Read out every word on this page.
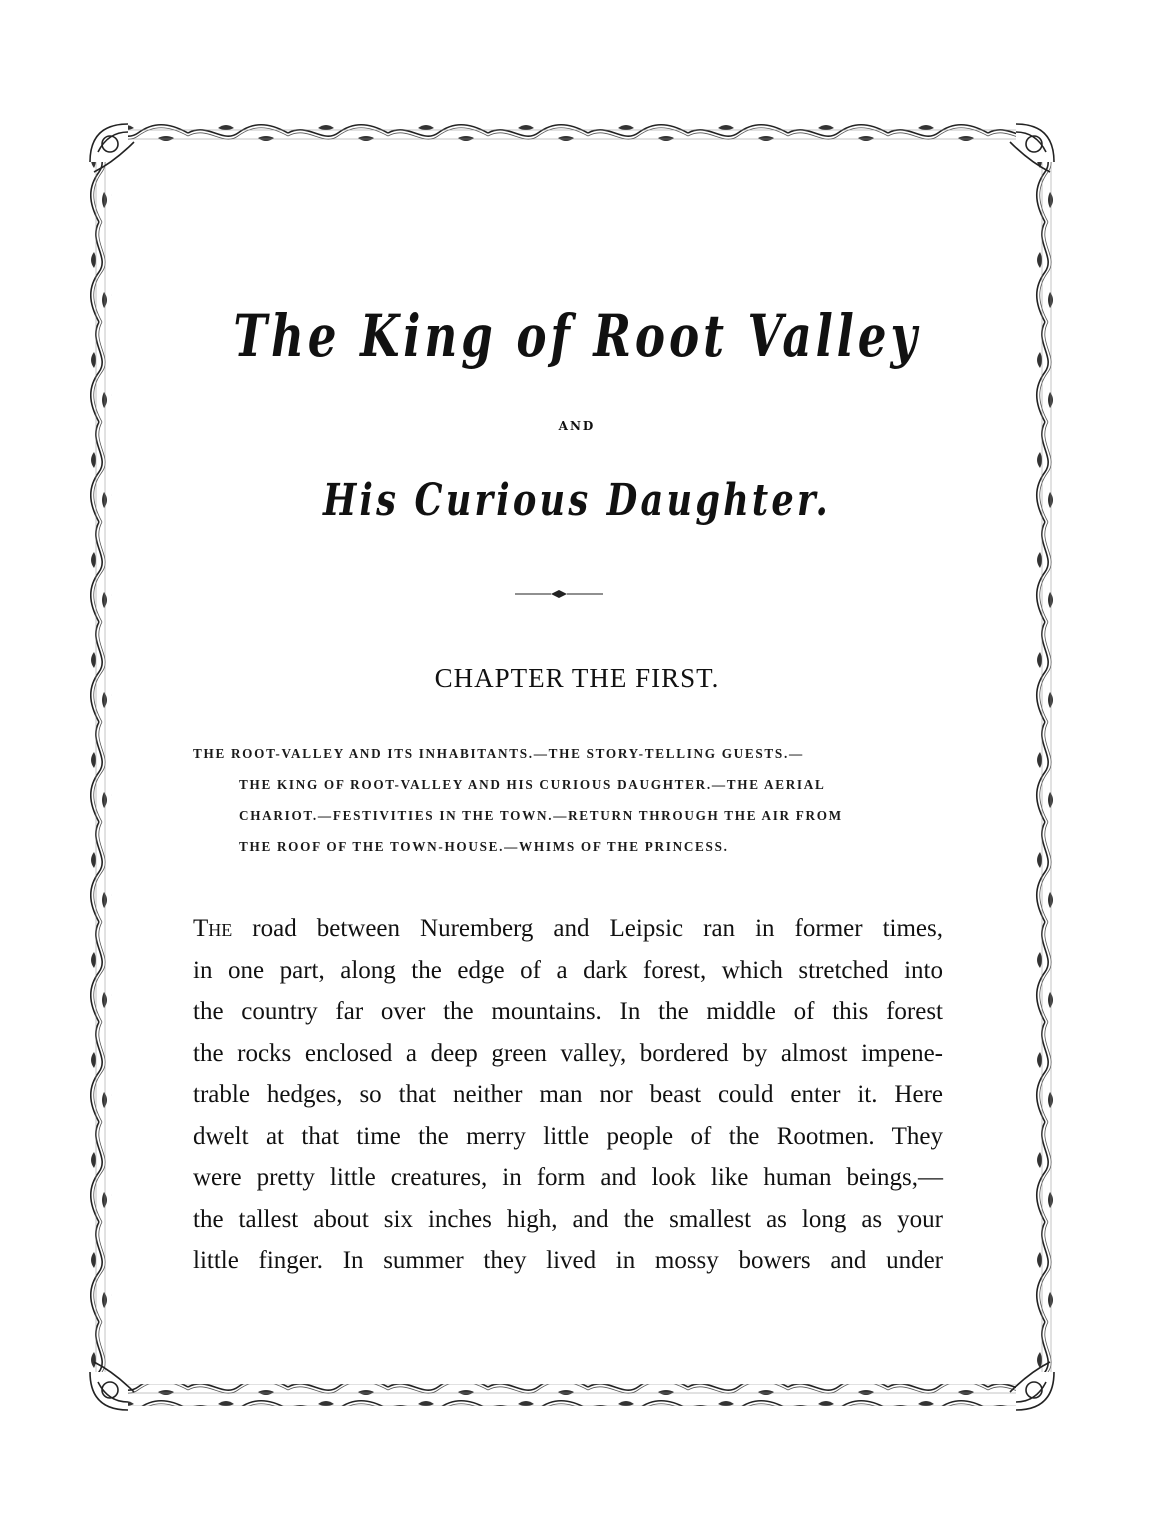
The King of Root Valley
AND
His Curious Daughter.
CHAPTER THE FIRST.
THE ROOT-VALLEY AND ITS INHABITANTS.—THE STORY-TELLING GUESTS.—
THE KING OF ROOT-VALLEY AND HIS CURIOUS DAUGHTER.—THE AERIAL
CHARIOT.—FESTIVITIES IN THE TOWN.—RETURN THROUGH THE AIR FROM
THE ROOF OF THE TOWN-HOUSE.—WHIMS OF THE PRINCESS.
The road between Nuremberg and Leipsic ran in former times,
in one part, along the edge of a dark forest, which stretched into
the country far over the mountains. In the middle of this forest
the rocks enclosed a deep green valley, bordered by almost impene-
trable hedges, so that neither man nor beast could enter it. Here
dwelt at that time the merry little people of the Rootmen. They
were pretty little creatures, in form and look like human beings,—
the tallest about six inches high, and the smallest as long as your
little finger. In summer they lived in mossy bowers and under
